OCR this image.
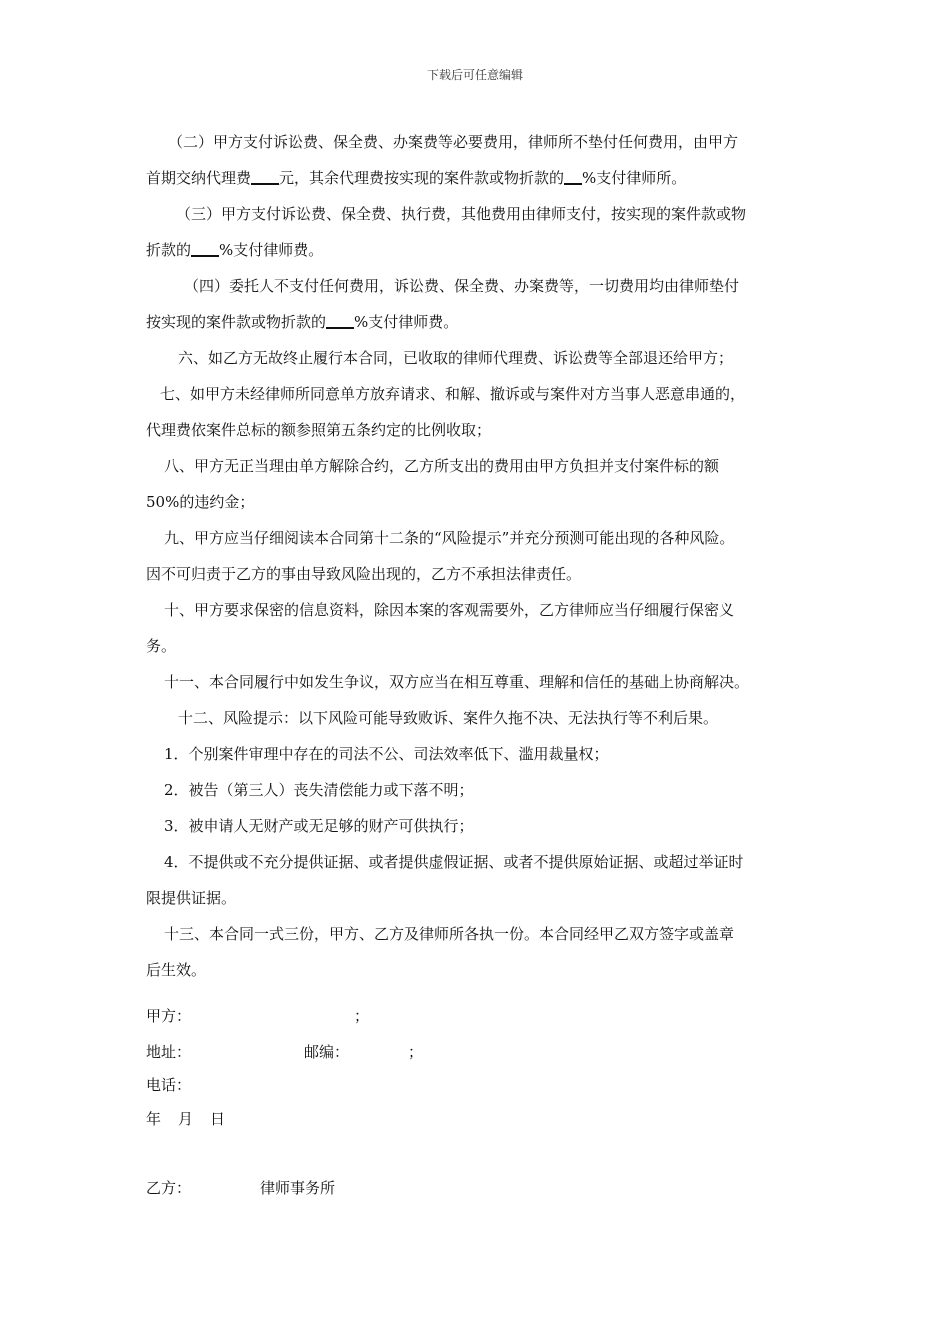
下载后可任意编辑

（二）甲方支付诉讼费、保全费、办案费等必要费用，律师所不垫付任何费用，由甲方

首期交纳代理费 元，其余代理费按实现的案件款或物折款的 %支付律师所。

（三）甲方支付诉讼费、保全费、执行费，其他费用由律师支付，按实现的案件款或物

折款的 %支付律师费。

（四）委托人不支付任何费用，诉讼费、保全费、办案费等，一切费用均由律师垫付

按实现的案件款或物折款的 %支付律师费。

六、如乙方无故终止履行本合同，已收取的律师代理费、诉讼费等全部退还给甲方；

七、如甲方未经律师所同意单方放弃请求、和解、撤诉或与案件对方当事人恶意串通的，

代理费依案件总标的额参照第五条约定的比例收取；

八、甲方无正当理由单方解除合约，乙方所支出的费用由甲方负担并支付案件标的额

50%的违约金；

九、甲方应当仔细阅读本合同第十二条的“风险提示”并充分预测可能出现的各种风险。

因不可归责于乙方的事由导致风险出现的，乙方不承担法律责任。

十、甲方要求保密的信息资料，除因本案的客观需要外，乙方律师应当仔细履行保密义

务。

十一、本合同履行中如发生争议，双方应当在相互尊重、理解和信任的基础上协商解决。

十二、风险提示：以下风险可能导致败诉、案件久拖不决、无法执行等不利后果。

1．个别案件审理中存在的司法不公、司法效率低下、滥用裁量权；

2．被告（第三人）丧失清偿能力或下落不明；

3．被申请人无财产或无足够的财产可供执行；

4．不提供或不充分提供证据、或者提供虚假证据、或者不提供原始证据、或超过举证时

限提供证据。

十三、本合同一式三份，甲方、乙方及律师所各执一份。本合同经甲乙双方签字或盖章

后生效。

甲方：	；
地址：	邮编：	；
电话：
年 月 日
乙方：	律师事务所
